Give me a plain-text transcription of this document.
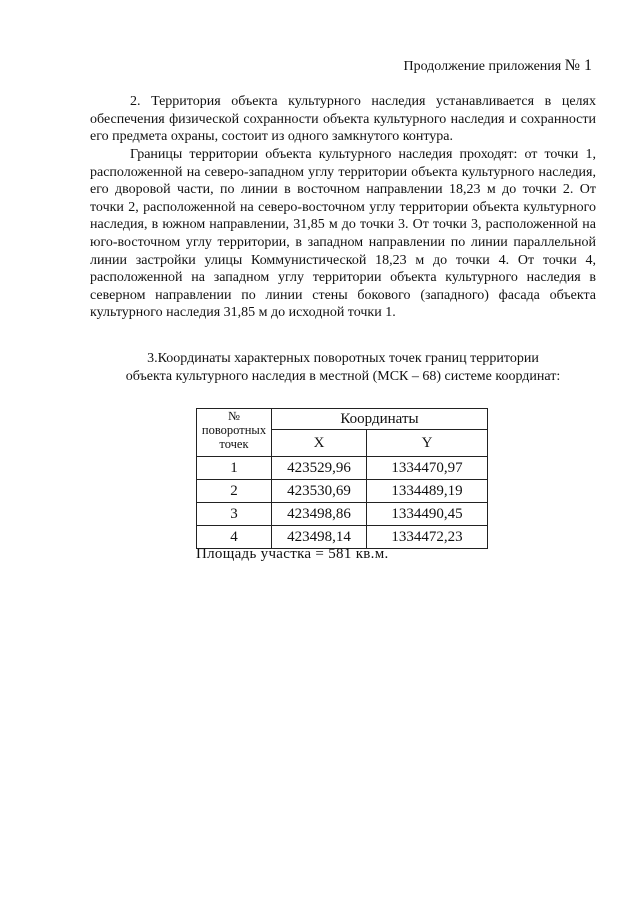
Продолжение приложения № 1
2. Территория объекта культурного наследия устанавливается в целях обеспечения физической сохранности объекта культурного наследия и сохранности его предмета охраны, состоит из одного замкнутого контура.
Границы территории объекта культурного наследия проходят: от точки 1, расположенной на северо-западном углу территории объекта культурного наследия, его дворовой части, по линии в восточном направлении 18,23 м до точки 2. От точки 2, расположенной на северо-восточном углу территории объекта культурного наследия, в южном направлении, 31,85 м до точки 3. От точки 3, расположенной на юго-восточном углу территории, в западном направлении по линии параллельной линии застройки улицы Коммунистической 18,23 м до точки 4. От точки 4, расположенной на западном углу территории объекта культурного наследия в северном направлении по линии стены бокового (западного) фасада объекта культурного наследия 31,85 м до исходной точки 1.
3.Координаты характерных поворотных точек границ территории
объекта культурного наследия в местной (МСК – 68) системе координат:
№ поворотных точек	Координаты	
	X	Y
1	423529,96	1334470,97
2	423530,69	1334489,19
3	423498,86	1334490,45
4	423498,14	1334472,23
Площадь участка = 581 кв.м.
